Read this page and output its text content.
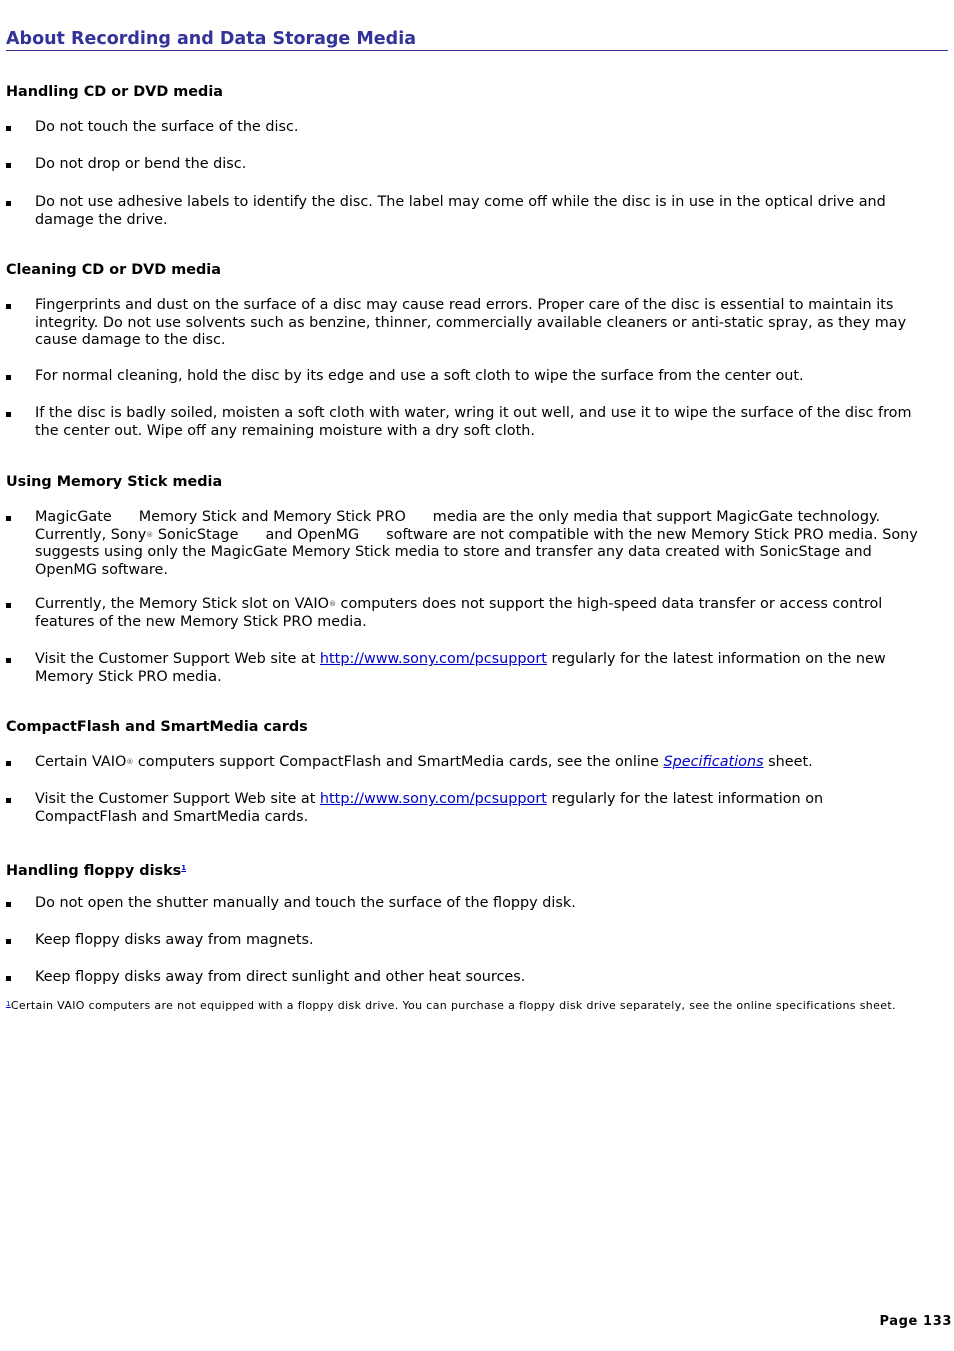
About Recording and Data Storage Media
Handling CD or DVD media
Do not touch the surface of the disc.
Do not drop or bend the disc.
Do not use adhesive labels to identify the disc. The label may come off while the disc is in use in the optical drive and damage the drive.
Cleaning CD or DVD media
Fingerprints and dust on the surface of a disc may cause read errors. Proper care of the disc is essential to maintain its integrity. Do not use solvents such as benzine, thinner, commercially available cleaners or anti-static spray, as they may cause damage to the disc.
For normal cleaning, hold the disc by its edge and use a soft cloth to wipe the surface from the center out.
If the disc is badly soiled, moisten a soft cloth with water, wring it out well, and use it to wipe the surface of the disc from the center out. Wipe off any remaining moisture with a dry soft cloth.
Using Memory Stick media
MagicGate Memory Stick and Memory Stick PRO media are the only media that support MagicGate technology. Currently, Sony® SonicStage and OpenMG software are not compatible with the new Memory Stick PRO media. Sony suggests using only the MagicGate Memory Stick media to store and transfer any data created with SonicStage and OpenMG software.
Currently, the Memory Stick slot on VAIO® computers does not support the high-speed data transfer or access control features of the new Memory Stick PRO media.
Visit the Customer Support Web site at http://www.sony.com/pcsupport regularly for the latest information on the new Memory Stick PRO media.
CompactFlash and SmartMedia cards
Certain VAIO® computers support CompactFlash and SmartMedia cards, see the online Specifications sheet.
Visit the Customer Support Web site at http://www.sony.com/pcsupport regularly for the latest information on CompactFlash and SmartMedia cards.
Handling floppy disks$^1$
Do not open the shutter manually and touch the surface of the floppy disk.
Keep floppy disks away from magnets.
Keep floppy disks away from direct sunlight and other heat sources.
$^1$Certain VAIO computers are not equipped with a floppy disk drive. You can purchase a floppy disk drive separately, see the online specifications sheet.
Page 133
